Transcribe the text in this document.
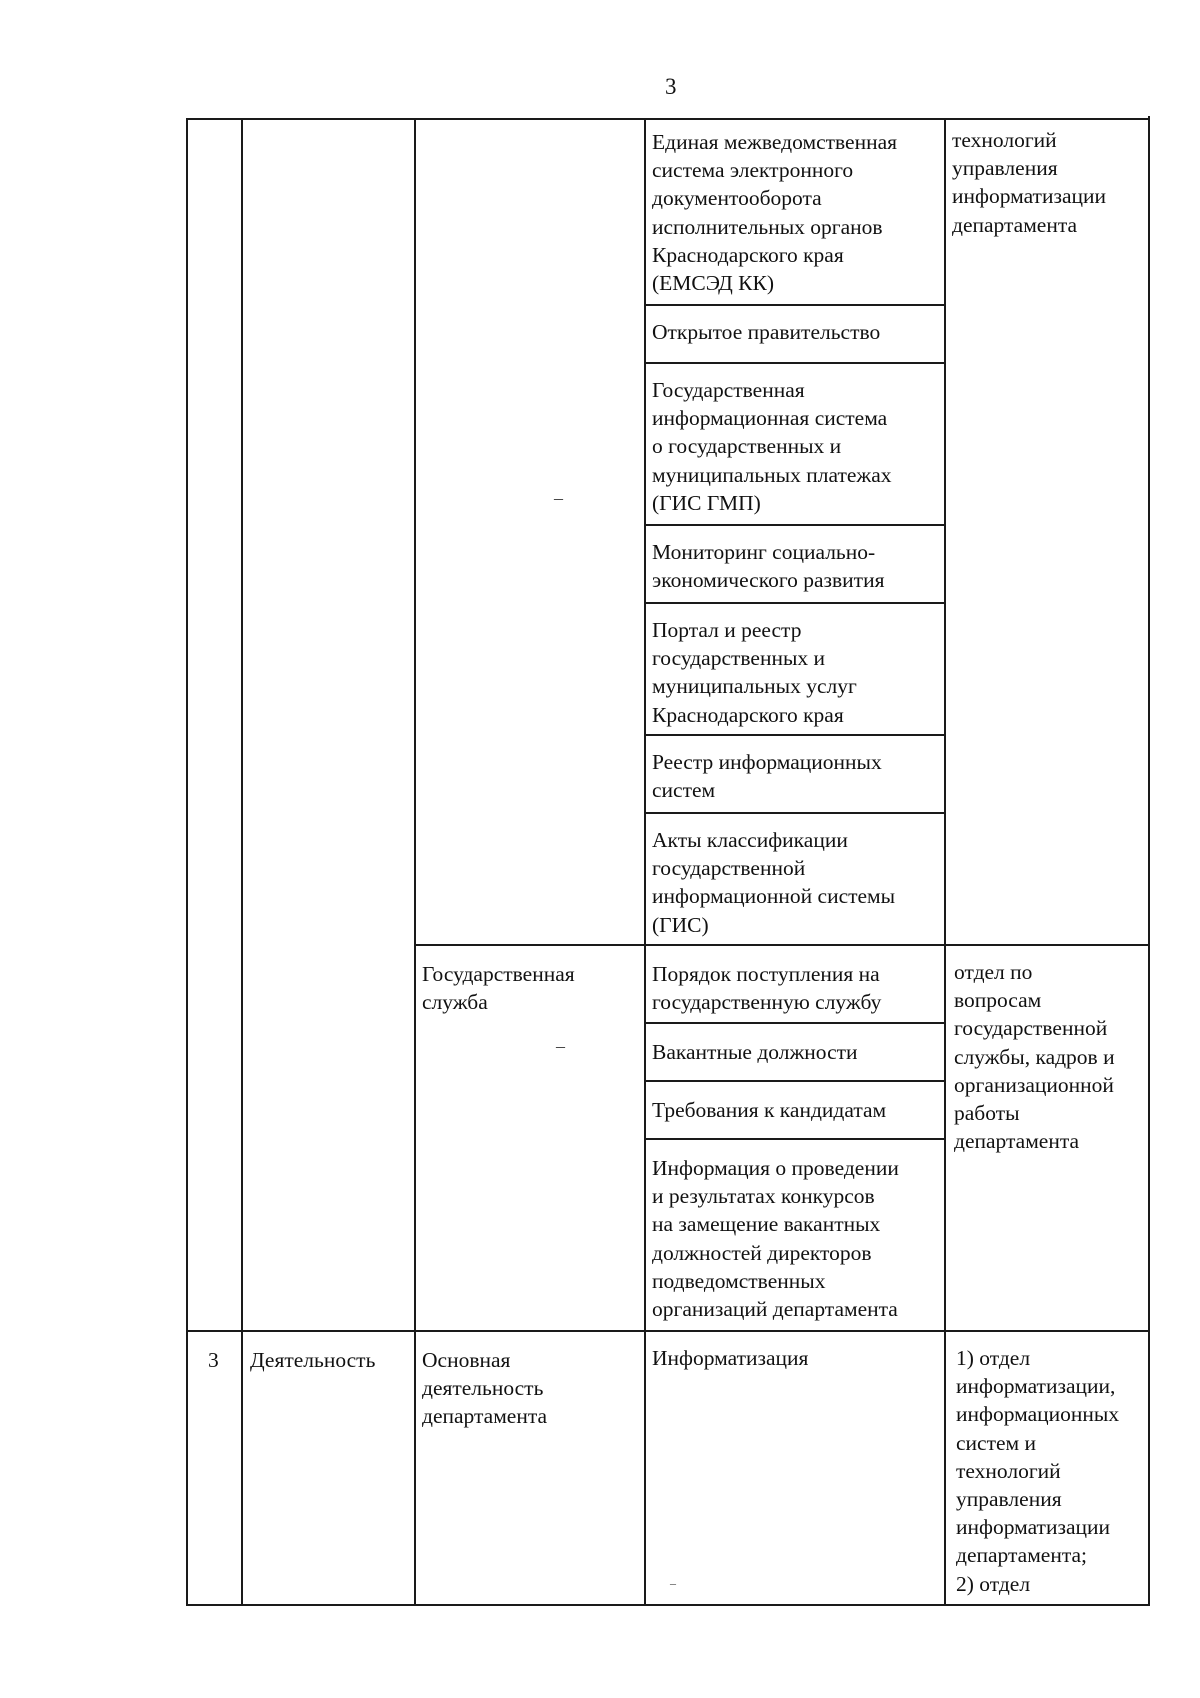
3
Единая межведомственная
система электронного
документооборота
исполнительных органов
Краснодарского края
(ЕМСЭД КК)
Открытое правительство
Государственная
информационная система
о государственных и
муниципальных платежах
(ГИС ГМП)
Мониторинг социально-
экономического развития
Портал и реестр
государственных и
муниципальных услуг
Краснодарского края
Реестр информационных
систем
Акты классификации
государственной
информационной системы
(ГИС)
технологий
управления
информатизации
департамента
–
Государственная
служба
–
Порядок поступления на
государственную службу
Вакантные должности
Требования к кандидатам
Информация о проведении
и результатах конкурсов
на замещение вакантных
должностей директоров
подведомственных
организаций департамента
отдел по
вопросам
государственной
службы, кадров и
организационной
работы
департамента
3 Деятельность	Основная
деятельность
департамента
Информатизация	1) отдел
информатизации,
информационных
систем и
технологий
управления
информатизации
департамента;
2) отдел
–
